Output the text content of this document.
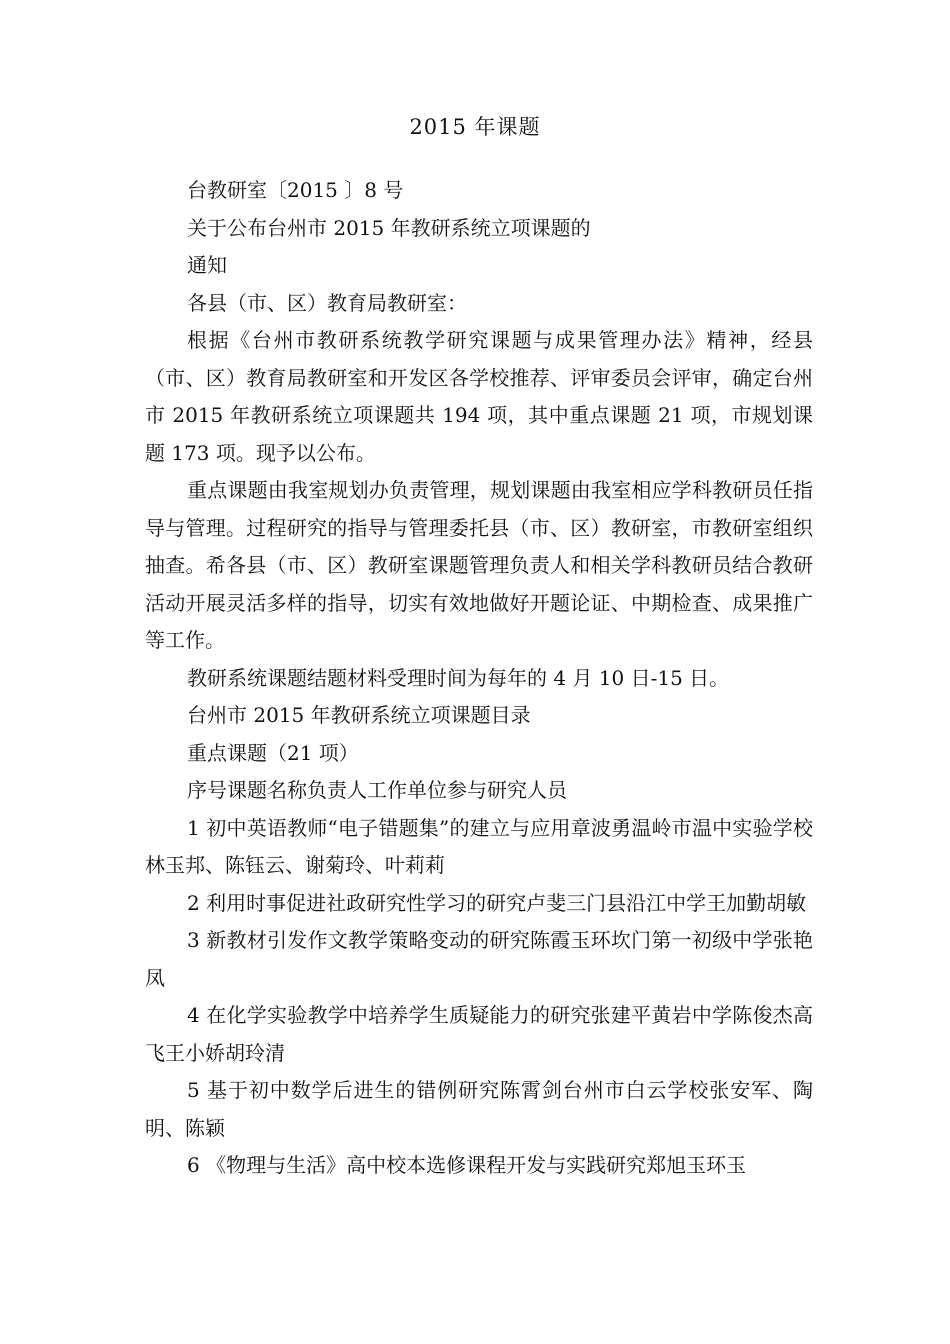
2015 年课题

台教研室〔2015 〕8 号

关于公布台州市 2015 年教研系统立项课题的

通知

各县（市、区）教育局教研室：

根据《台州市教研系统教学研究课题与成果管理办法》精神，经县（市、区）教育局教研室和开发区各学校推荐、评审委员会评审，确定台州市 2015 年教研系统立项课题共 194 项，其中重点课题 21 项，市规划课题 173 项。现予以公布。

重点课题由我室规划办负责管理，规划课题由我室相应学科教研员任指导与管理。过程研究的指导与管理委托县（市、区）教研室，市教研室组织抽查。希各县（市、区）教研室课题管理负责人和相关学科教研员结合教研活动开展灵活多样的指导，切实有效地做好开题论证、中期检查、成果推广等工作。

教研系统课题结题材料受理时间为每年的 4 月 10 日-15 日。

台州市 2015 年教研系统立项课题目录

重点课题（21 项）

序号课题名称负责人工作单位参与研究人员

1 初中英语教师“电子错题集”的建立与应用章波勇温岭市温中实验学校林玉邦、陈钰云、谢菊玲、叶莉莉

2 利用时事促进社政研究性学习的研究卢斐三门县沿江中学王加勤胡敏

3 新教材引发作文教学策略变动的研究陈霞玉环坎门第一初级中学张艳凤

4 在化学实验教学中培养学生质疑能力的研究张建平黄岩中学陈俊杰高飞王小娇胡玲清

5 基于初中数学后进生的错例研究陈霄剑台州市白云学校张安军、陶明、陈颖

6 《物理与生活》高中校本选修课程开发与实践研究郑旭玉环玉
